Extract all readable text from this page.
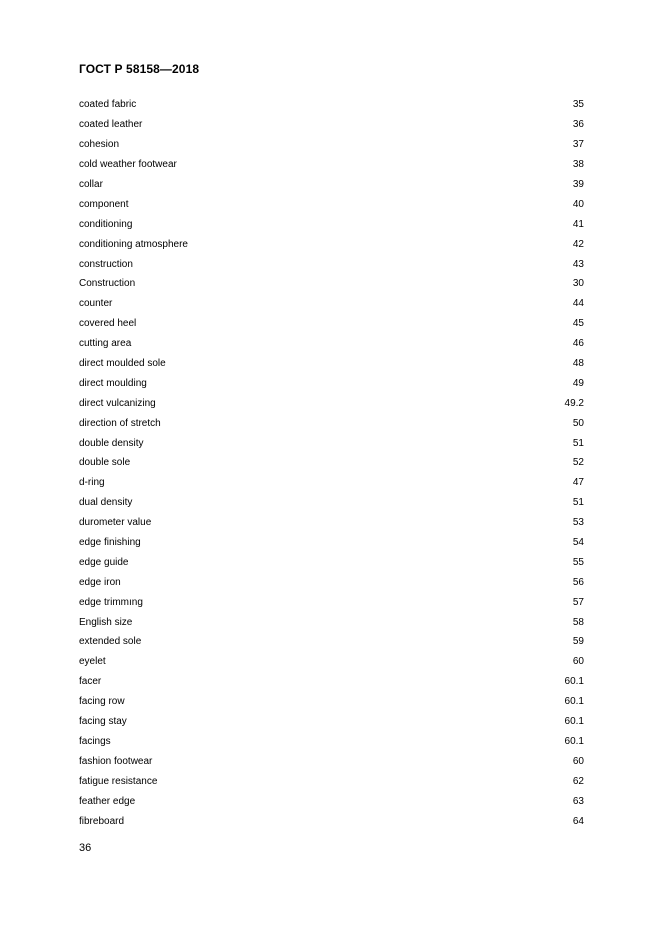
ГОСТ Р 58158—2018
coated fabric	35
coated leather	36
cohesion	37
cold weather footwear	38
collar	39
component	40
conditioning	41
conditioning atmosphere	42
construction	43
Construction	30
counter	44
covered heel	45
cutting area	46
direct moulded sole	48
direct moulding	49
direct vulcanizing	49.2
direction of stretch	50
double density	51
double sole	52
d-ring	47
dual density	51
durometer value	53
edge finishing	54
edge guide	55
edge iron	56
edge trimmıng	57
English size	58
extended sole	59
eyelet	60
facer	60.1
facing row	60.1
facing stay	60.1
facings	60.1
fashion footwear	60
fatigue resistance	62
feather edge	63
fibreboard	64
36
